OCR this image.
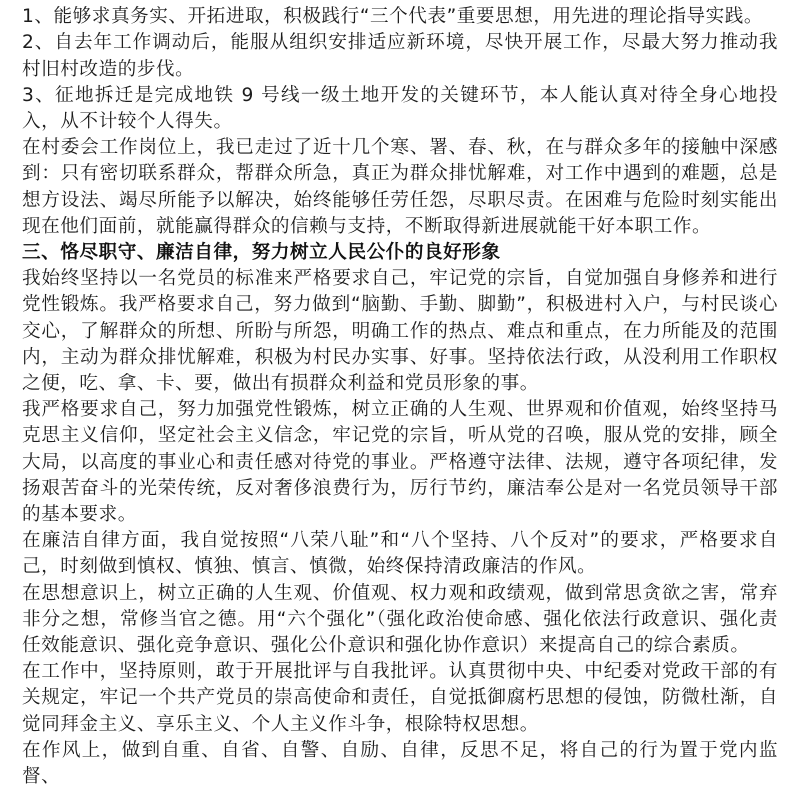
1、能够求真务实、开拓进取，积极践行“三个代表”重要思想，用先进的理论指导实践。

2、自去年工作调动后，能服从组织安排适应新环境，尽快开展工作，尽最大努力推动我村旧村改造的步伐。

3、征地拆迁是完成地铁 9 号线一级土地开发的关键环节，本人能认真对待全身心地投入，从不计较个人得失。

在村委会工作岗位上，我已走过了近十几个寒、署、春、秋，在与群众多年的接触中深感到：只有密切联系群众，帮群众所急，真正为群众排忧解难，对工作中遇到的难题，总是想方设法、竭尽所能予以解决，始终能够任劳任怨，尽职尽责。在困难与危险时刻实能出现在他们面前，就能赢得群众的信赖与支持，不断取得新进展就能干好本职工作。

三、恪尽职守、廉洁自律，努力树立人民公仆的良好形象

我始终坚持以一名党员的标准来严格要求自己，牢记党的宗旨，自觉加强自身修养和进行党性锻炼。我严格要求自己，努力做到“脑勤、手勤、脚勤”，积极进村入户，与村民谈心交心，了解群众的所想、所盼与所怨，明确工作的热点、难点和重点，在力所能及的范围内，主动为群众排忧解难，积极为村民办实事、好事。坚持依法行政，从没利用工作职权之便，吃、拿、卡、要，做出有损群众利益和党员形象的事。

我严格要求自己，努力加强党性锻炼，树立正确的人生观、世界观和价值观，始终坚持马克思主义信仰，坚定社会主义信念，牢记党的宗旨，听从党的召唤，服从党的安排，顾全大局，以高度的事业心和责任感对待党的事业。严格遵守法律、法规，遵守各项纪律，发扬艰苦奋斗的光荣传统，反对奢侈浪费行为，厉行节约，廉洁奉公是对一名党员领导干部的基本要求。

在廉洁自律方面，我自觉按照“八荣八耻”和“八个坚持、八个反对”的要求，严格要求自己，时刻做到慎权、慎独、慎言、慎微，始终保持清政廉洁的作风。

在思想意识上，树立正确的人生观、价值观、权力观和政绩观，做到常思贪欲之害，常弃非分之想，常修当官之德。用“六个强化”（强化政治使命感、强化依法行政意识、强化责任效能意识、强化竞争意识、强化公仆意识和强化协作意识）来提高自己的综合素质。

在工作中，坚持原则，敢于开展批评与自我批评。认真贯彻中央、中纪委对党政干部的有关规定，牢记一个共产党员的崇高使命和责任，自觉抵御腐朽思想的侵蚀，防微杜渐，自觉同拜金主义、享乐主义、个人主义作斗争，根除特权思想。

在作风上，做到自重、自省、自警、自励、自律，反思不足，将自己的行为置于党内监督、
